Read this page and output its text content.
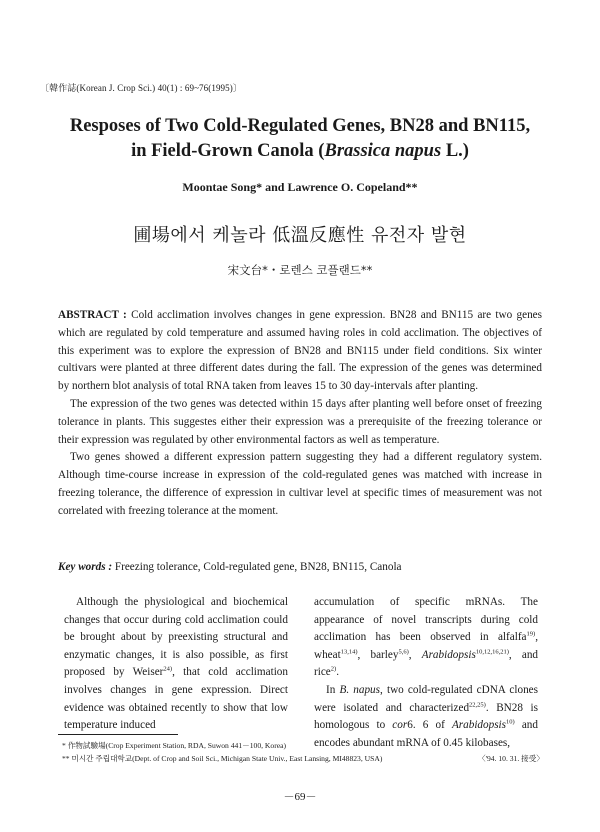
〔韓作誌(Korean J. Crop Sci.) 40(1) : 69~76(1995)〕
Resposes of Two Cold-Regulated Genes, BN28 and BN115,
in Field-Grown Canola (Brassica napus L.)
Moontae Song* and Lawrence O. Copeland**
圃場에서 케놀라 低溫反應性 유전자 발현
宋文台*・로렌스 코플랜드**

ABSTRACT : Cold acclimation involves changes in gene expression. BN28 and BN115 are two genes which are regulated by cold temperature and assumed having roles in cold acclimation. The objectives of this experiment was to explore the expression of BN28 and BN115 under field conditions. Six winter cultivars were planted at three different dates during the fall. The expression of the genes was determined by northern blot analysis of total RNA taken from leaves 15 to 30 day-intervals after planting.

The expression of the two genes was detected within 15 days after planting well before onset of freezing tolerance in plants. This suggestes either their expression was a prerequisite of the freezing tolerance or their expression was regulated by other environmental factors as well as temperature.

Two genes showed a different expression pattern suggesting they had a different regulatory system. Although time-course increase in expression of the cold-regulated genes was matched with increase in freezing tolerance, the difference of expression in cultivar level at specific times of measurement was not correlated with freezing tolerance at the moment.

Key words : Freezing tolerance, Cold-regulated gene, BN28, BN115, Canola

Although the physiological and biochemical changes that occur during cold acclimation could be brought about by preexisting structural and enzymatic changes, it is also possible, as first proposed by Weiser$^{24)}$, that cold acclimation involves changes in gene expression. Direct evidence was obtained recently to show that low temperature induced

accumulation of specific mRNAs. The appearance of novel transcripts during cold acclimation has been observed in alfalfa$^{19)}$, wheat$^{13,14)}$, barley$^{5,6)}$, Arabidopsis$^{10,12,16,21)}$, and rice$^{2)}$.

In B. napus, two cold-regulated cDNA clones were isolated and characterized$^{22,25)}$. BN28 is homologous to cor6. 6 of Arabidopsis$^{10)}$ and encodes abundant mRNA of 0.45 kilobases,

* 作物試驗場(Crop Experiment Station, RDA, Suwon 441－100, Korea)
** 미시간 주립대학교(Dept. of Crop and Soil Sci., Michigan State Univ., East Lansing, MI48823, USA)	〈'94. 10. 31. 接受〉
－69－
